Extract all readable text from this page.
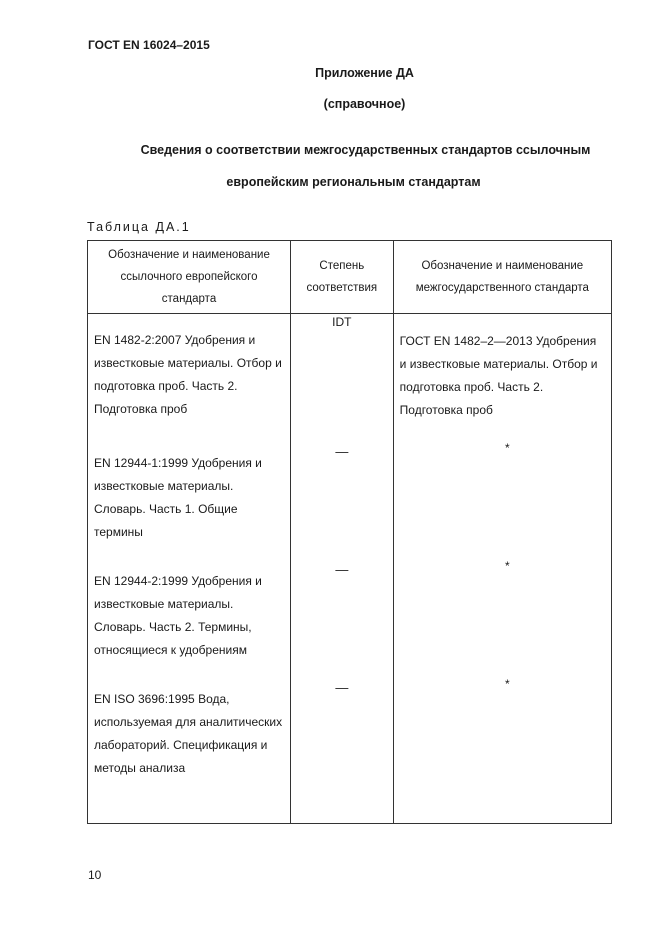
ГОСТ EN 16024–2015
Приложение ДА
(справочное)
Сведения о соответствии межгосударственных стандартов ссылочным
европейским региональным стандартам
Таблица ДА.1
Обозначение и наименование ссылочного европейского стандарта	Степень соответствия	Обозначение и наименование межгосударственного стандарта

EN 1482-2:2007 Удобрения и известковые материалы. Отбор и подготовка проб. Часть 2. Подготовка проб	IDT	ГОСТ EN 1482–2—2013 Удобрения и известковые материалы. Отбор и подготовка проб. Часть 2. Подготовка проб

EN 12944-1:1999 Удобрения и известковые материалы. Словарь. Часть 1. Общие термины	—	*

EN 12944-2:1999 Удобрения и известковые материалы. Словарь. Часть 2. Термины, относящиеся к удобрениям	—	*

EN ISO 3696:1995 Вода, используемая для аналитических лабораторий. Спецификация и методы анализа	—	*
10
